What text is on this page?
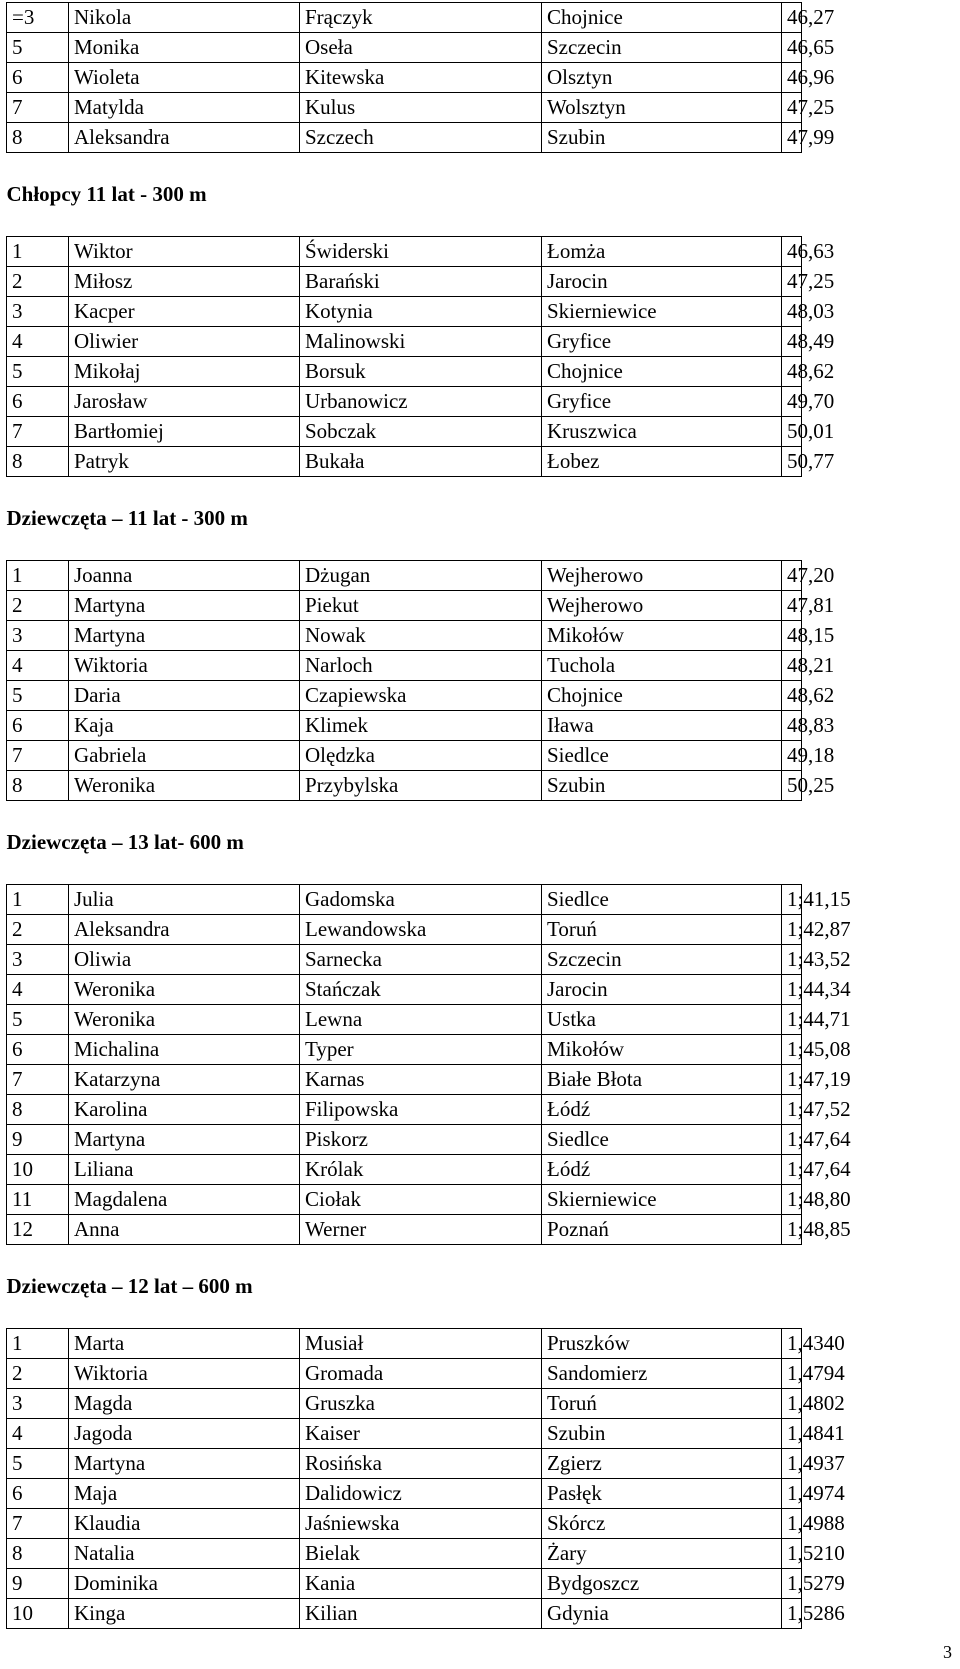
=3	Nikola	Frączyk	Chojnice	46,27
5	Monika	Oseła	Szczecin	46,65
6	Wioleta	Kitewska	Olsztyn	46,96
7	Matylda	Kulus	Wolsztyn	47,25
8	Aleksandra	Szczech	Szubin	47,99

Chłopcy 11 lat - 300 m				

1	Wiktor	Świderski	Łomża	46,63
2	Miłosz	Barański	Jarocin	47,25
3	Kacper	Kotynia	Skierniewice	48,03
4	Oliwier	Malinowski	Gryfice	48,49
5	Mikołaj	Borsuk	Chojnice	48,62
6	Jarosław	Urbanowicz	Gryfice	49,70
7	Bartłomiej	Sobczak	Kruszwica	50,01
8	Patryk	Bukała	Łobez	50,77

Dziewczęta – 11 lat - 300 m				

1	Joanna	Dżugan	Wejherowo	47,20
2	Martyna	Piekut	Wejherowo	47,81
3	Martyna	Nowak	Mikołów	48,15
4	Wiktoria	Narloch	Tuchola	48,21
5	Daria	Czapiewska	Chojnice	48,62
6	Kaja	Klimek	Iława	48,83
7	Gabriela	Olędzka	Siedlce	49,18
8	Weronika	Przybylska	Szubin	50,25

Dziewczęta – 13 lat- 600 m				

1	Julia	Gadomska	Siedlce	1;41,15
2	Aleksandra	Lewandowska	Toruń	1;42,87
3	Oliwia	Sarnecka	Szczecin	1;43,52
4	Weronika	Stańczak	Jarocin	1;44,34
5	Weronika	Lewna	Ustka	1;44,71
6	Michalina	Typer	Mikołów	1;45,08
7	Katarzyna	Karnas	Białe Błota	1;47,19
8	Karolina	Filipowska	Łódź	1;47,52
9	Martyna	Piskorz	Siedlce	1;47,64
10	Liliana	Królak	Łódź	1;47,64
11	Magdalena	Ciołak	Skierniewice	1;48,80
12	Anna	Werner	Poznań	1;48,85

Dziewczęta – 12 lat – 600 m				

1	Marta	Musiał	Pruszków	1,4340
2	Wiktoria	Gromada	Sandomierz	1,4794
3	Magda	Gruszka	Toruń	1,4802
4	Jagoda	Kaiser	Szubin	1,4841
5	Martyna	Rosińska	Zgierz	1,4937
6	Maja	Dalidowicz	Pasłęk	1,4974
7	Klaudia	Jaśniewska	Skórcz	1,4988
8	Natalia	Bielak	Żary	1,5210
9	Dominika	Kania	Bydgoszcz	1,5279
10	Kinga	Kilian	Gdynia	1,5286
3
